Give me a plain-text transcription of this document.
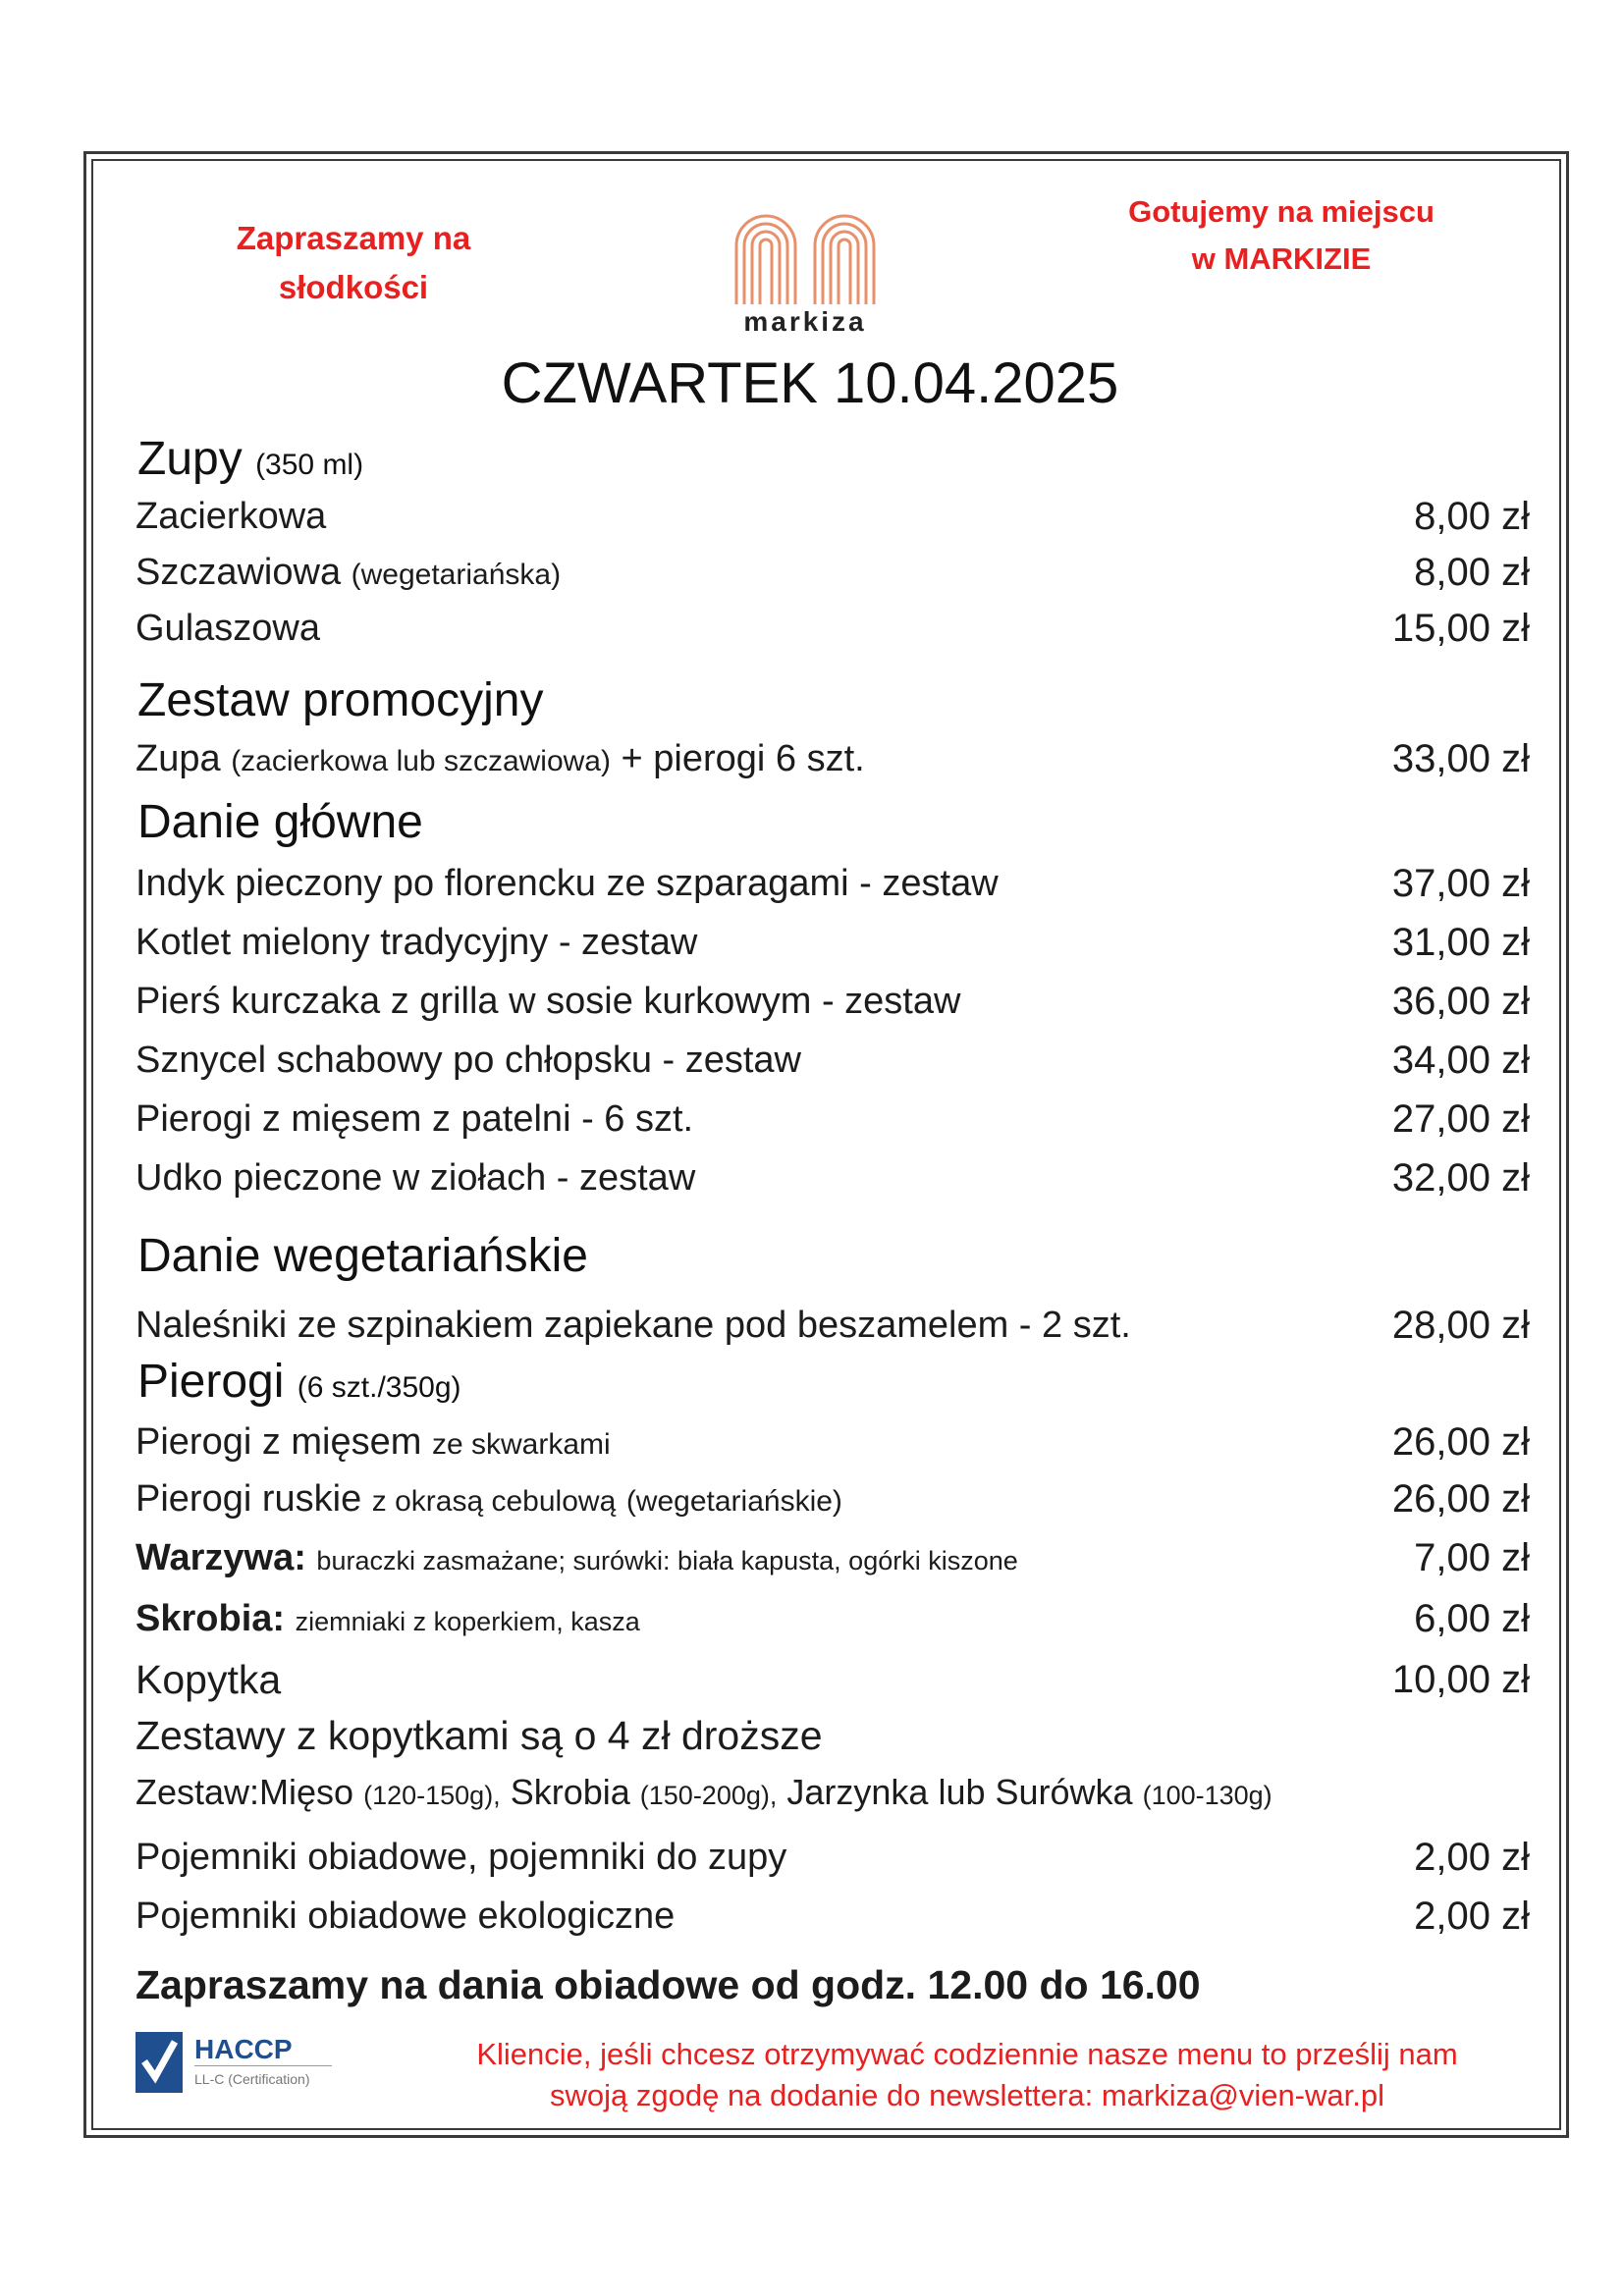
Zapraszamy na słodkości
markiza
Gotujemy na miejscu
w MARKIZIE
CZWARTEK 10.04.2025
Zupy (350 ml)
Zacierkowa	8,00 zł
Szczawiowa (wegetariańska)	8,00 zł
Gulaszowa	15,00 zł
Zestaw promocyjny
Zupa (zacierkowa lub szczawiowa) + pierogi 6 szt.	33,00 zł
Danie główne
Indyk pieczony po florencku ze szparagami - zestaw	37,00 zł
Kotlet mielony tradycyjny - zestaw	31,00 zł
Pierś kurczaka z grilla w sosie kurkowym - zestaw	36,00 zł
Sznycel schabowy po chłopsku - zestaw	34,00 zł
Pierogi z mięsem z patelni - 6 szt.	27,00 zł
Udko pieczone w ziołach - zestaw	32,00 zł
Danie wegetariańskie
Naleśniki ze szpinakiem zapiekane pod beszamelem - 2 szt.	28,00 zł
Pierogi (6 szt./350g)
Pierogi z mięsem ze skwarkami	26,00 zł
Pierogi ruskie z okrasą cebulową (wegetariańskie)	26,00 zł
Warzywa: buraczki zasmażane; surówki: biała kapusta, ogórki kiszone	7,00 zł
Skrobia: ziemniaki z koperkiem, kasza	6,00 zł
Kopytka	10,00 zł
Zestawy z kopytkami są o 4 zł droższe
Zestaw:Mięso (120-150g), Skrobia (150-200g), Jarzynka lub Surówka (100-130g)
Pojemniki obiadowe, pojemniki do zupy	2,00 zł
Pojemniki obiadowe ekologiczne	2,00 zł
Zapraszamy na dania obiadowe od godz. 12.00 do 16.00
HACCP
LL-C (Certification)
Kliencie, jeśli chcesz otrzymywać codziennie nasze menu to prześlij nam
swoją zgodę na dodanie do newslettera: markiza@vien-war.pl
